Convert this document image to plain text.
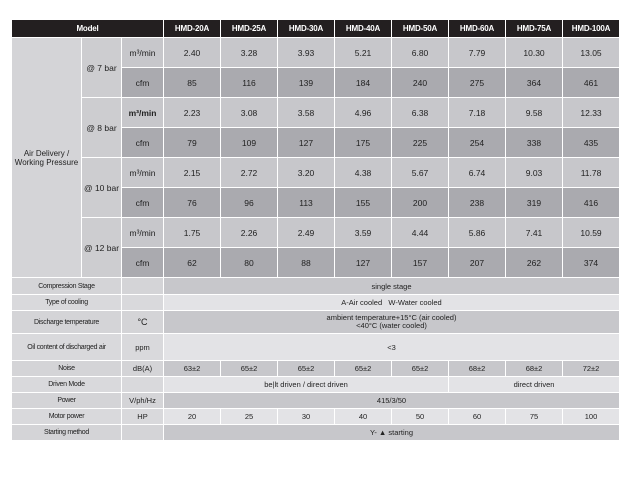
Model			HMD-20A	HMD-25A	HMD-30A	HMD-40A	HMD-50A	HMD-60A	HMD-75A	HMD-100A

Air Delivery /
Working Pressure	@ 7 bar	m³/min	2.40	3.28	3.93	5.21	6.80	7.79	10.30	13.05
		cfm	85	116	139	184	240	275	364	461
	@ 8 bar	m³/min	2.23	3.08	3.58	4.96	6.38	7.18	9.58	12.33
		cfm	79	109	127	175	225	254	338	435
	@ 10 bar	m³/min	2.15	2.72	3.20	4.38	5.67	6.74	9.03	11.78
		cfm	76	96	113	155	200	238	319	416
	@ 12 bar	m³/min	1.75	2.26	2.49	3.59	4.44	5.86	7.41	10.59
		cfm	62	80	88	127	157	207	262	374
Compression Stage			single stage							
Type of cooling			A-Air cooled   W-Water cooled							
Discharge temperature		°C	ambient temperature+15°C (air cooled)
<40°C (water cooled)							

Oil content of discharged air		ppm	<3							
Noise		dB(A)	63±2	65±2	65±2	65±2	65±2	68±2	68±2	72±2
Driven Mode			be|lt driven / direct driven					direct driven		
Power		V/ph/Hz	415/3/50							
Motor power		HP	20	25	30	40	50	60	75	100
Starting method			Y- ▲ starting							
